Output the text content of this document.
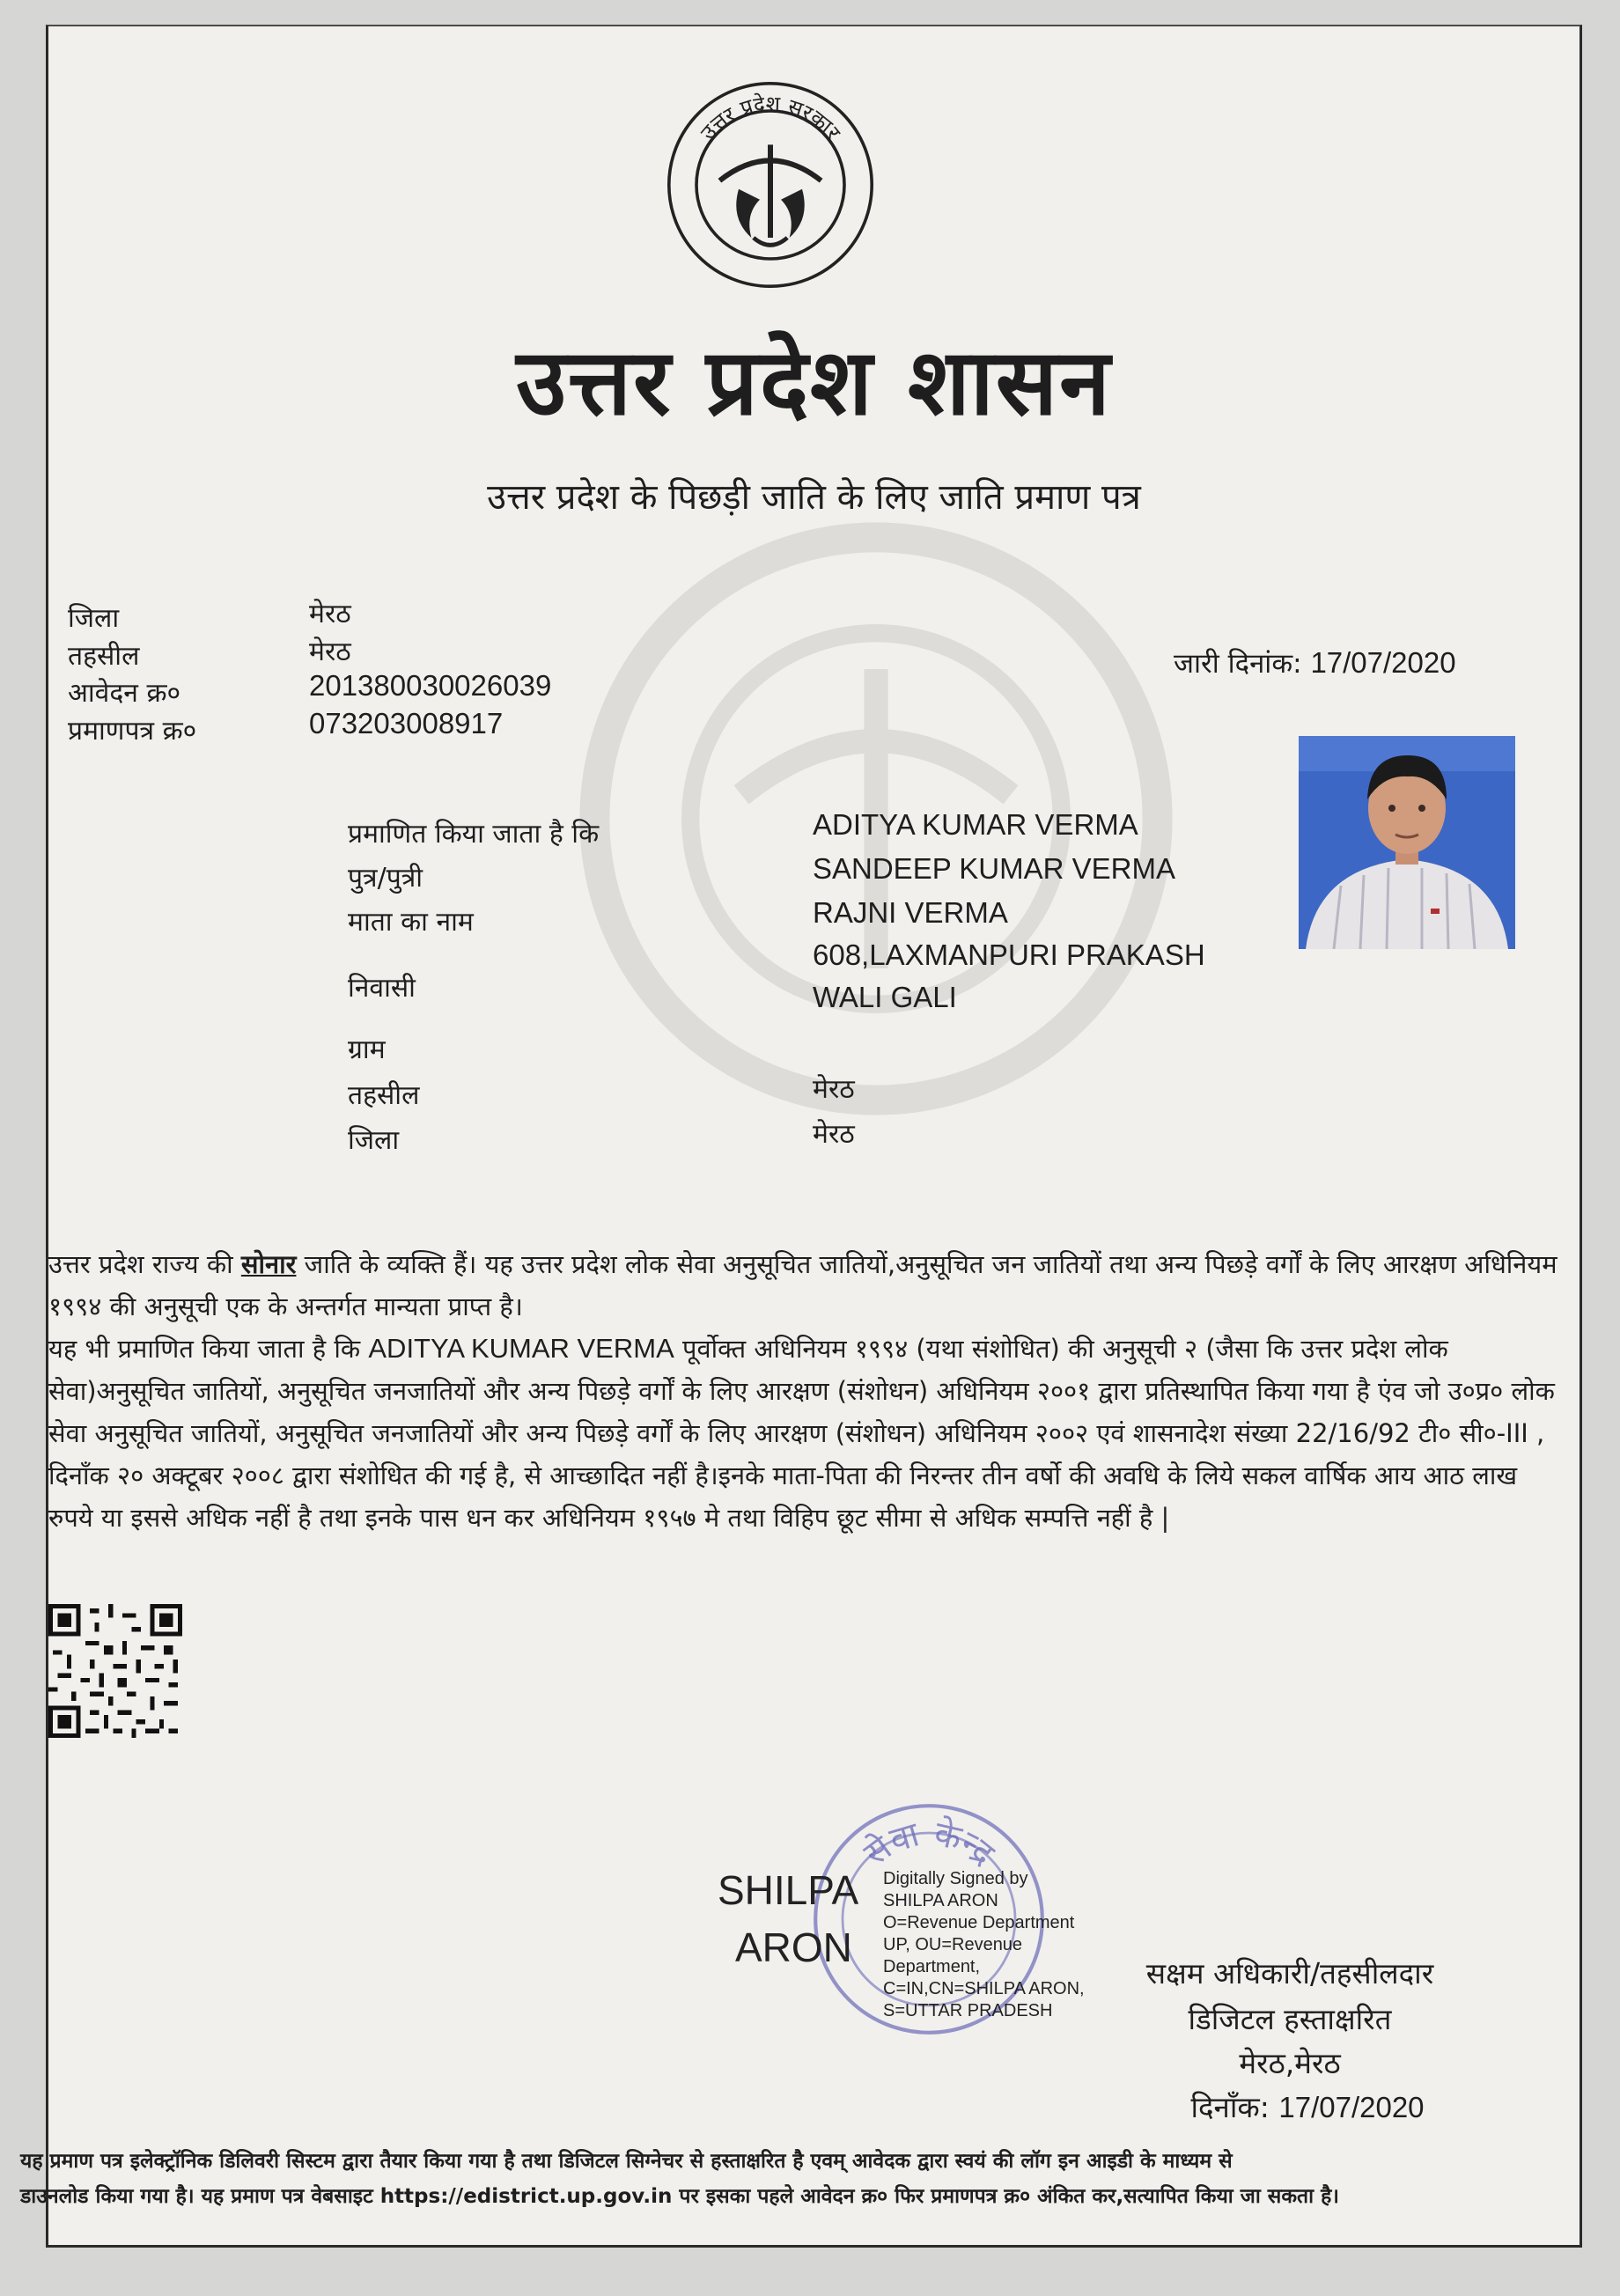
उत्तर प्रदेश सरकार
उत्तर प्रदेश शासन
उत्तर प्रदेश के पिछड़ी जाति के लिए जाति प्रमाण पत्र
जिला	मेरठ
तहसील	मेरठ
आवेदन क्र०	201380030026039
प्रमाणपत्र क्र०	073203008917
जारी दिनांक: 17/07/2020
प्रमाणित किया जाता है कि	ADITYA KUMAR VERMA
पुत्र/पुत्री	SANDEEP KUMAR VERMA
माता का नाम	RAJNI VERMA
निवासी
608,LAXMANPURI PRAKASH
WALI GALI
ग्राम
तहसील	मेरठ
जिला	मेरठ

उत्तर प्रदेश राज्य की सोनार जाति के व्यक्ति हैं। यह उत्तर प्रदेश लोक सेवा अनुसूचित जातियों,अनुसूचित जन जातियों तथा अन्य पिछड़े वर्गों के लिए आरक्षण अधिनियम १९९४ की अनुसूची एक के अन्तर्गत मान्यता प्राप्त है।

यह भी प्रमाणित किया जाता है कि ADITYA KUMAR VERMA पूर्वोक्त अधिनियम १९९४ (यथा संशोधित) की अनुसूची २ (जैसा कि उत्तर प्रदेश लोक सेवा)अनुसूचित जातियों, अनुसूचित जनजातियों और अन्य पिछड़े वर्गों के लिए आरक्षण (संशोधन) अधिनियम २००१ द्वारा प्रतिस्थापित किया गया है एंव जो उ०प्र० लोक सेवा अनुसूचित जातियों, अनुसूचित जनजातियों और अन्य पिछड़े वर्गों के लिए आरक्षण (संशोधन) अधिनियम २००२ एवं शासनादेश संख्या 22/16/92 टी० सी०-III , दिनाँक २० अक्टूबर २००८ द्वारा संशोधित की गई है, से आच्छादित नहीं है।इनके माता-पिता की निरन्तर तीन वर्षो की अवधि के लिये सकल वार्षिक आय आठ लाख रुपये या इससे अधिक नहीं है तथा इनके पास धन कर अधिनियम १९५७ मे तथा विहिप छूट सीमा से अधिक सम्पत्ति नहीं है |

सेवा केन्द्र
SHILPA
ARON
Digitally Signed by
SHILPA ARON
O=Revenue Department
UP, OU=Revenue
Department,
C=IN,CN=SHILPA ARON,
S=UTTAR PRADESH
सक्षम अधिकारी/तहसीलदार
डिजिटल हस्ताक्षरित
मेरठ,मेरठ
दिनाँक: 17/07/2020
यह प्रमाण पत्र इलेक्ट्रॉनिक डिलिवरी सिस्टम द्वारा तैयार किया गया है तथा डिजिटल सिग्नेचर से हस्ताक्षरित है एवम् आवेदक द्वारा स्वयं की लॉग इन आइडी के माध्यम से
डाउनलोड किया गया है। यह प्रमाण पत्र वेबसाइट https://edistrict.up.gov.in पर इसका पहले आवेदन क्र० फिर प्रमाणपत्र क्र० अंकित कर,सत्यापित किया जा सकता है।
